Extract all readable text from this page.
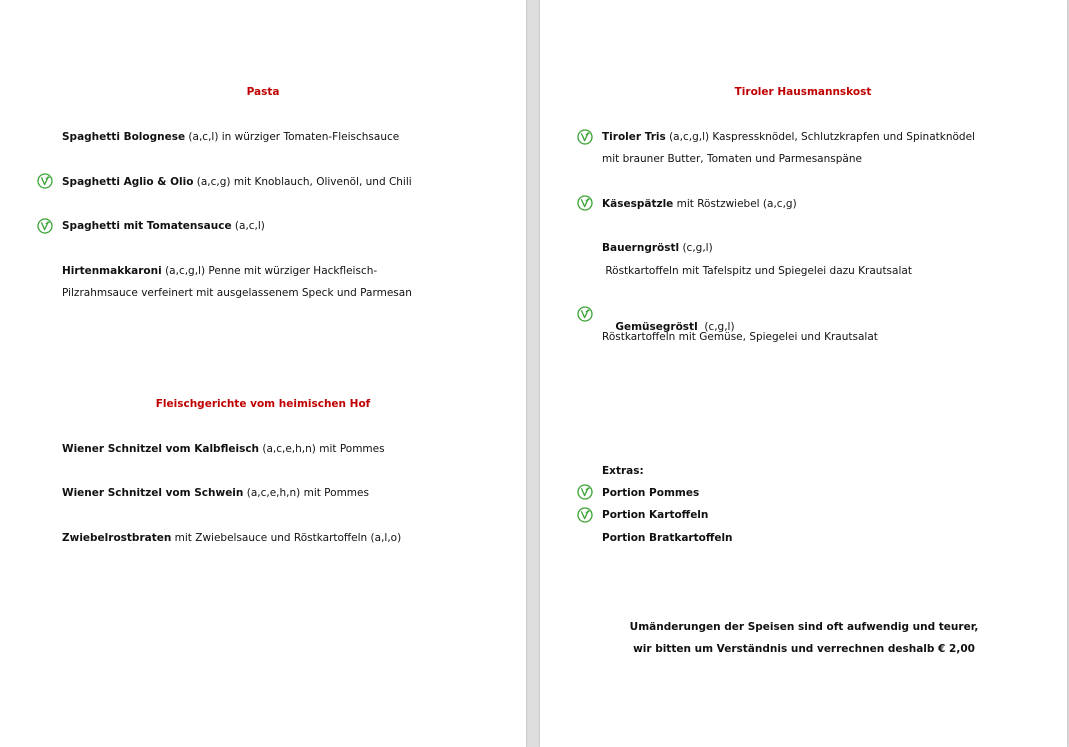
Pasta
Spaghetti Bolognese (a,c,l) in würziger Tomaten-Fleischsauce
Spaghetti Aglio & Olio (a,c,g) mit Knoblauch, Olivenöl, und Chili
Spaghetti mit Tomatensauce (a,c,l)
Hirtenmakkaroni (a,c,g,l) Penne mit würziger Hackfleisch-
Pilzrahmsauce verfeinert mit ausgelassenem Speck und Parmesan
Fleischgerichte vom heimischen Hof
Wiener Schnitzel vom Kalbfleisch (a,c,e,h,n) mit Pommes
Wiener Schnitzel vom Schwein (a,c,e,h,n) mit Pommes
Zwiebelrostbraten mit Zwiebelsauce und Röstkartoffeln (a,l,o)
Tiroler Hausmannskost
Tiroler Tris (a,c,g,l) Kaspressknödel, Schlutzkrapfen und Spinatknödel
mit brauner Butter, Tomaten und Parmesanspäne
Käsespätzle mit Röstzwiebel (a,c,g)
Bauerngröstl (c,g,l)
Röstkartoffeln mit Tafelspitz und Spiegelei dazu Krautsalat

Gemüsegröstl  (c,g,l)

Röstkartoffeln mit Gemüse, Spiegelei und Krautsalat
Extras:
Portion Pommes
Portion Kartoffeln
Portion Bratkartoffeln
Umänderungen der Speisen sind oft aufwendig und teurer,
wir bitten um Verständnis und verrechnen deshalb € 2,00
